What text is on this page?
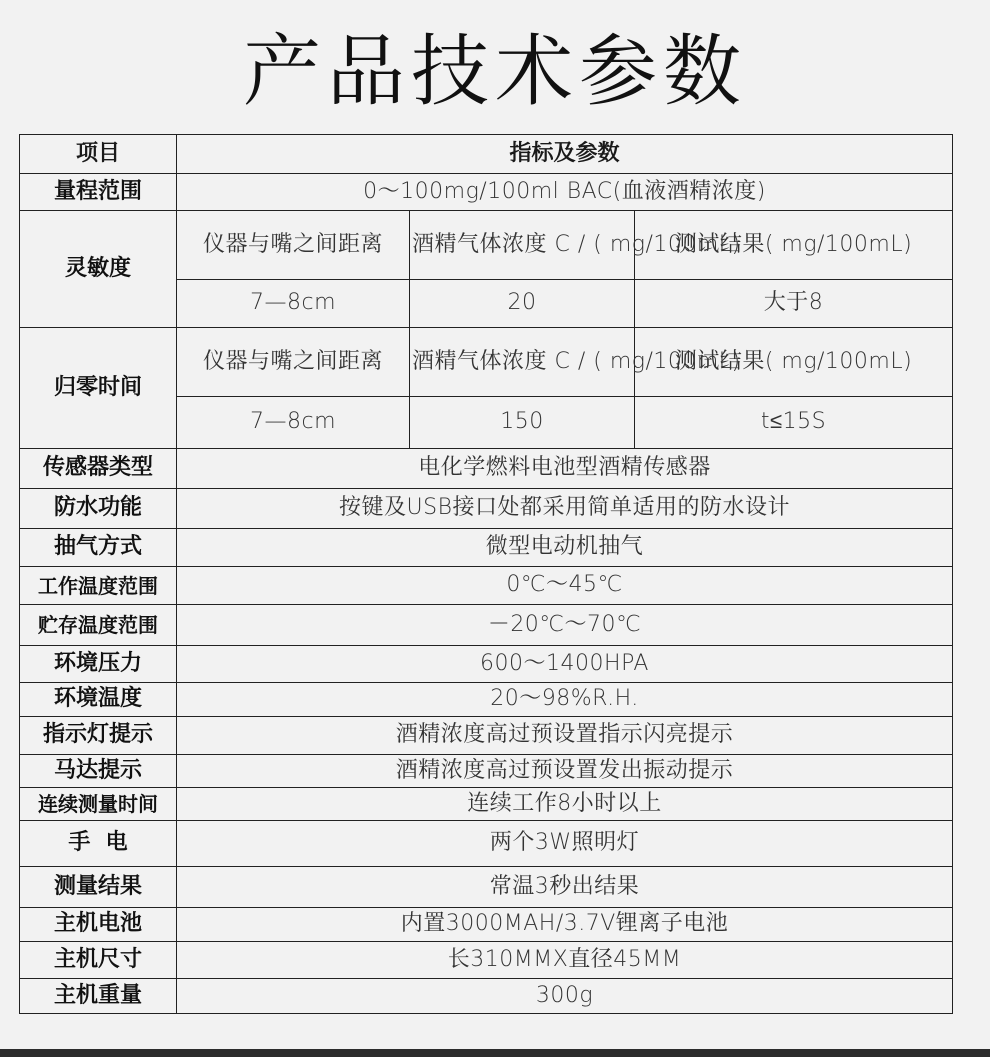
产品技术参数
项目	指标及参数		
量程范围	0～100mg/100ml BAC(血液酒精浓度)		
灵敏度	仪器与嘴之间距离	酒精气体浓度 C / ( mg/100mL)	测试结果( mg/100mL)
	7—8cm	20	大于8
归零时间	仪器与嘴之间距离	酒精气体浓度 C / ( mg/100mL)	测试结果( mg/100mL)
	7—8cm	150	t≤15S
传感器类型	电化学燃料电池型酒精传感器		
防水功能	按键及USB接口处都采用简单适用的防水设计		
抽气方式	微型电动机抽气		
工作温度范围	0℃～45℃		
贮存温度范围	－20℃～70℃		
环境压力	600～1400HPA		
环境温度	20～98%R.H.		
指示灯提示	酒精浓度高过预设置指示闪亮提示		
马达提示	酒精浓度高过预设置发出振动提示		
连续测量时间	连续工作8小时以上		
手  电	两个3W照明灯		
测量结果	常温3秒出结果		
主机电池	内置3000MAH/3.7V锂离子电池		
主机尺寸	长310MMX直径45MM		
主机重量	300g		
